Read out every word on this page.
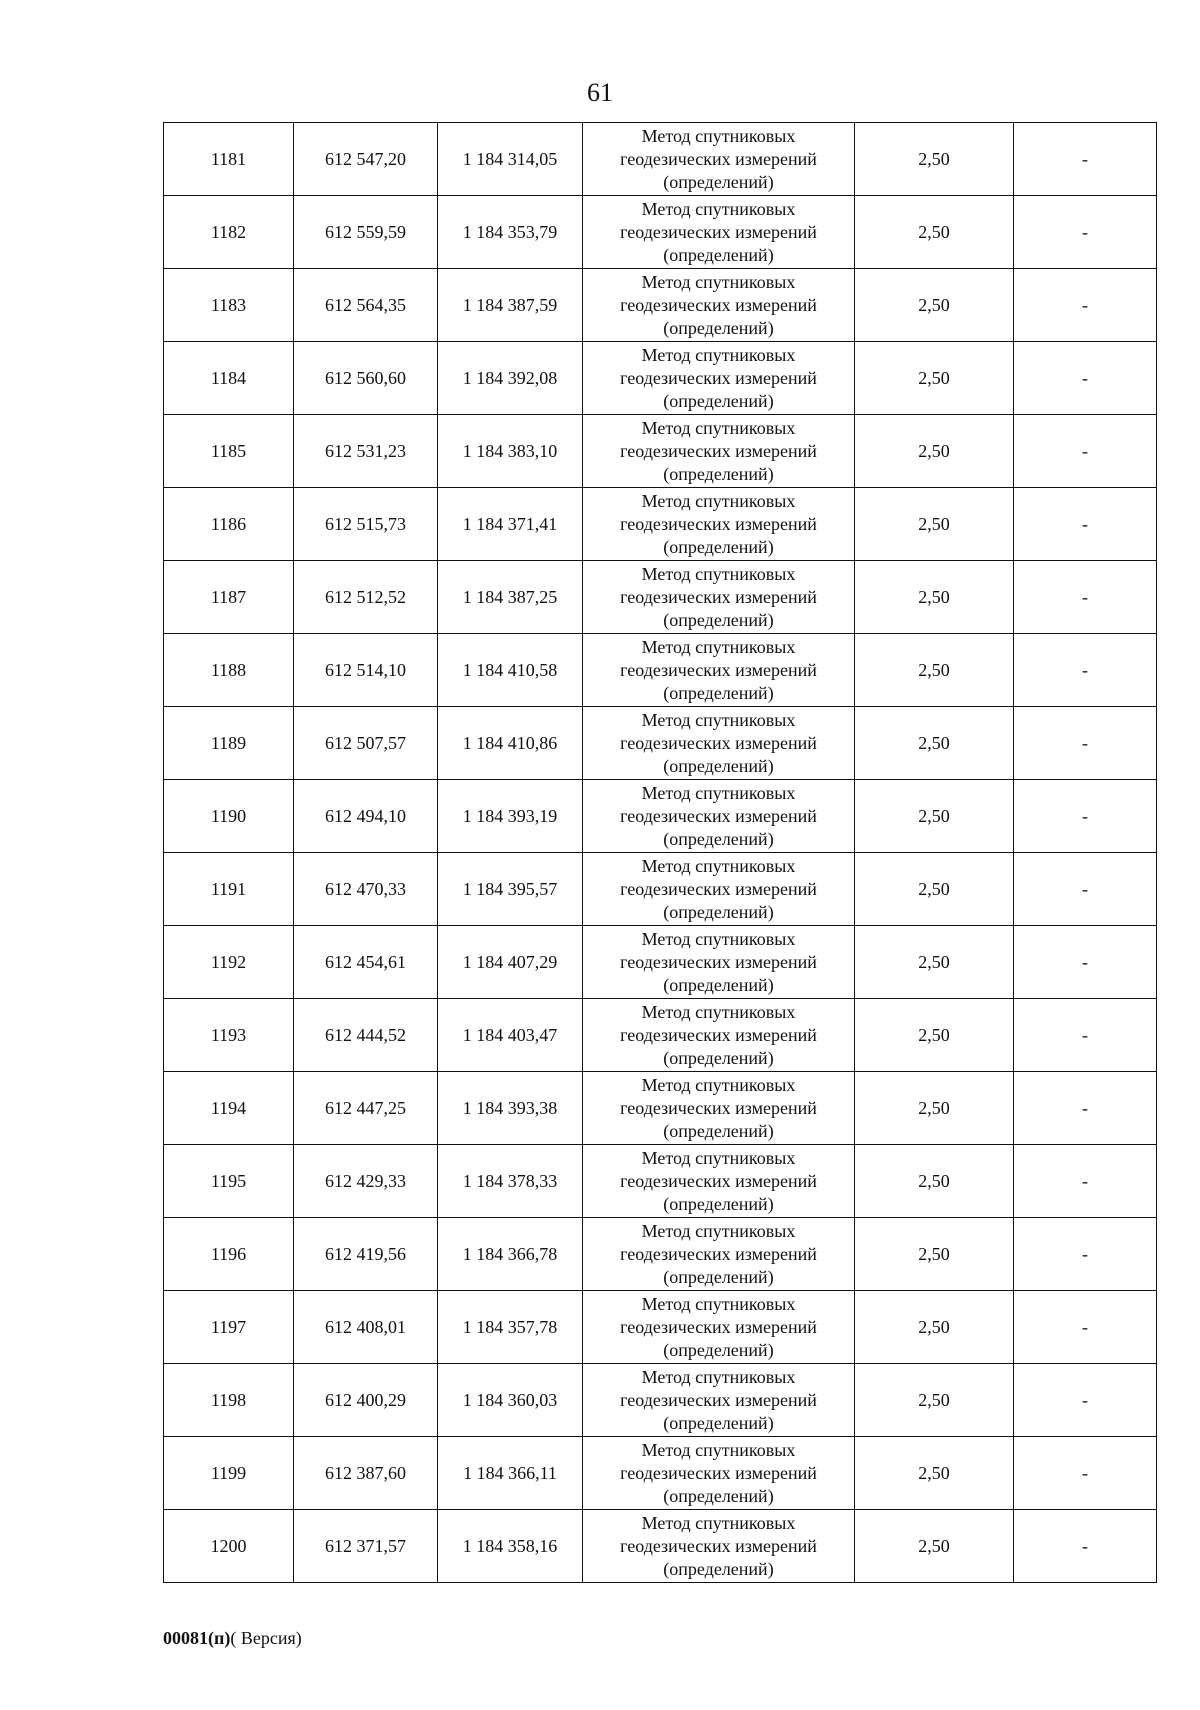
61
1181	612 547,20	1 184 314,05	Метод спутниковых
геодезических измерений
(определений)	2,50	-
1182	612 559,59	1 184 353,79	Метод спутниковых
геодезических измерений
(определений)	2,50	-
1183	612 564,35	1 184 387,59	Метод спутниковых
геодезических измерений
(определений)	2,50	-
1184	612 560,60	1 184 392,08	Метод спутниковых
геодезических измерений
(определений)	2,50	-
1185	612 531,23	1 184 383,10	Метод спутниковых
геодезических измерений
(определений)	2,50	-
1186	612 515,73	1 184 371,41	Метод спутниковых
геодезических измерений
(определений)	2,50	-
1187	612 512,52	1 184 387,25	Метод спутниковых
геодезических измерений
(определений)	2,50	-
1188	612 514,10	1 184 410,58	Метод спутниковых
геодезических измерений
(определений)	2,50	-
1189	612 507,57	1 184 410,86	Метод спутниковых
геодезических измерений
(определений)	2,50	-
1190	612 494,10	1 184 393,19	Метод спутниковых
геодезических измерений
(определений)	2,50	-
1191	612 470,33	1 184 395,57	Метод спутниковых
геодезических измерений
(определений)	2,50	-
1192	612 454,61	1 184 407,29	Метод спутниковых
геодезических измерений
(определений)	2,50	-
1193	612 444,52	1 184 403,47	Метод спутниковых
геодезических измерений
(определений)	2,50	-
1194	612 447,25	1 184 393,38	Метод спутниковых
геодезических измерений
(определений)	2,50	-
1195	612 429,33	1 184 378,33	Метод спутниковых
геодезических измерений
(определений)	2,50	-
1196	612 419,56	1 184 366,78	Метод спутниковых
геодезических измерений
(определений)	2,50	-
1197	612 408,01	1 184 357,78	Метод спутниковых
геодезических измерений
(определений)	2,50	-
1198	612 400,29	1 184 360,03	Метод спутниковых
геодезических измерений
(определений)	2,50	-
1199	612 387,60	1 184 366,11	Метод спутниковых
геодезических измерений
(определений)	2,50	-
1200	612 371,57	1 184 358,16	Метод спутниковых
геодезических измерений
(определений)	2,50	-
00081(п)( Версия)
